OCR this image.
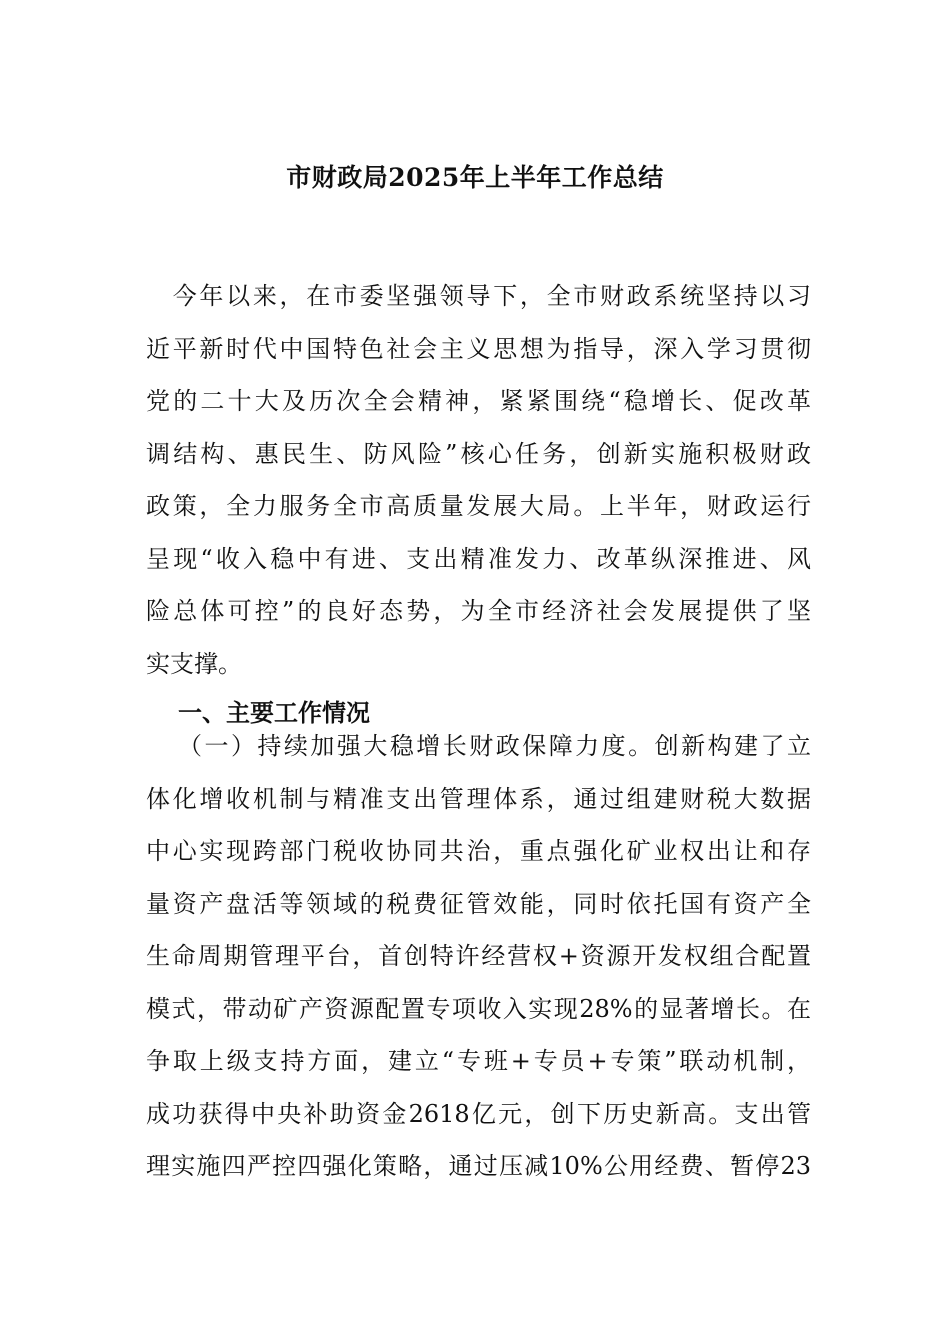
市财政局2025年上半年工作总结
　今年以来，在市委坚强领导下，全市财政系统坚持以习
近平新时代中国特色社会主义思想为指导，深入学习贯彻
党的二十大及历次全会精神，紧紧围绕“稳增长、促改革
调结构、惠民生、防风险”核心任务，创新实施积极财政
政策，全力服务全市高质量发展大局。上半年，财政运行
呈现“收入稳中有进、支出精准发力、改革纵深推进、风
险总体可控”的良好态势，为全市经济社会发展提供了坚
实支撑。
一、主要工作情况
（一）持续加强大稳增长财政保障力度。创新构建了立
体化增收机制与精准支出管理体系，通过组建财税大数据
中心实现跨部门税收协同共治，重点强化矿业权出让和存
量资产盘活等领域的税费征管效能，同时依托国有资产全
生命周期管理平台，首创特许经营权+资源开发权组合配置
模式，带动矿产资源配置专项收入实现28%的显著增长。在
争取上级支持方面，建立“专班+专员+专策”联动机制，
成功获得中央补助资金2618亿元，创下历史新高。支出管
理实施四严控四强化策略，通过压减10%公用经费、暂停23
